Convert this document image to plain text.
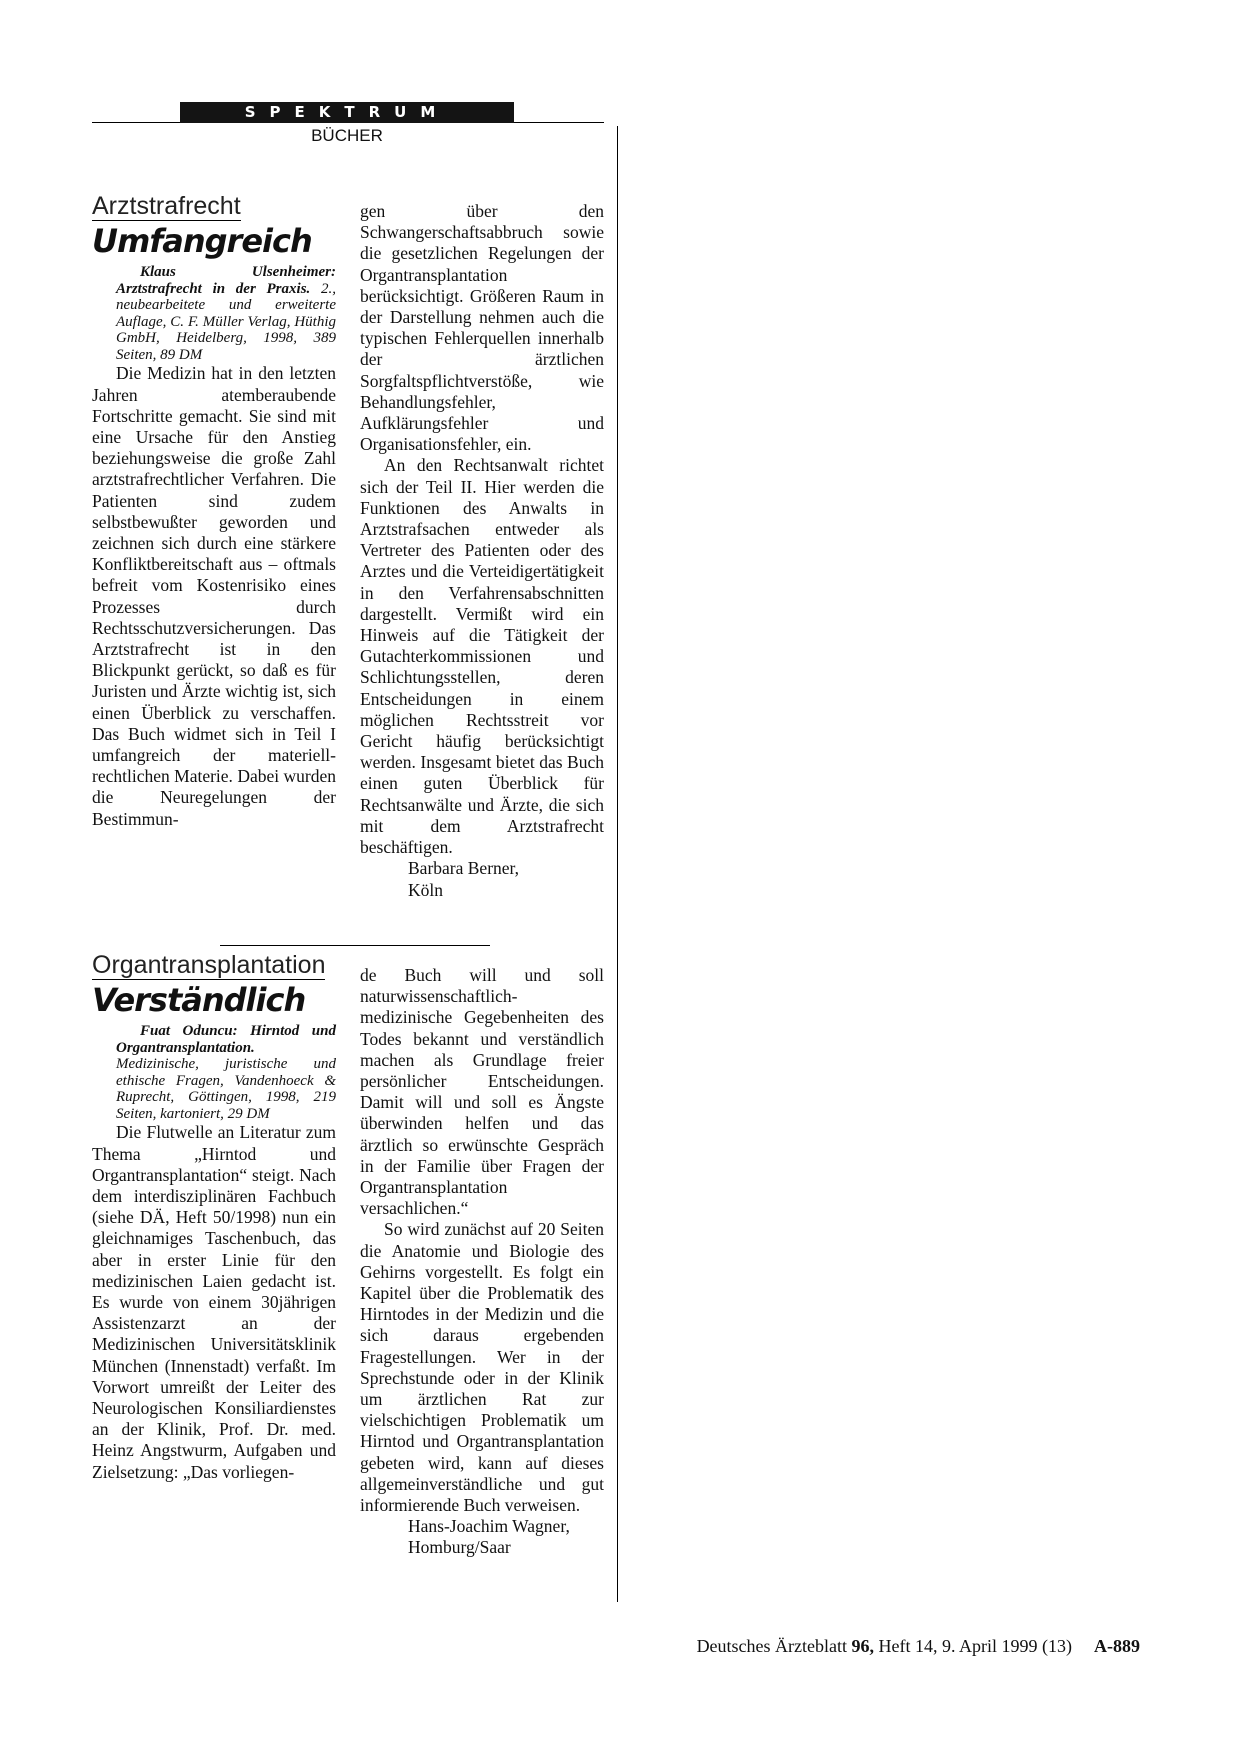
SPEKTRUM
BÜCHER
Arztstrafrecht
Umfangreich

Klaus Ulsenheimer: Arztstrafrecht in der Praxis. 2., neubearbeitete und erweiterte Auflage, C. F. Müller Verlag, Hüthig GmbH, Heidelberg, 1998, 389 Seiten, 89 DM

Die Medizin hat in den letzten Jahren atemberaubende Fortschritte gemacht. Sie sind mit eine Ursache für den Anstieg beziehungsweise die große Zahl arztstrafrechtlicher Verfahren. Die Patienten sind zudem selbstbewußter geworden und zeichnen sich durch eine stärkere Konfliktbereitschaft aus – oftmals befreit vom Kostenrisiko eines Prozesses durch Rechtsschutzversicherungen. Das Arztstrafrecht ist in den Blickpunkt gerückt, so daß es für Juristen und Ärzte wichtig ist, sich einen Überblick zu verschaffen. Das Buch widmet sich in Teil I umfangreich der materiell-rechtlichen Materie. Dabei wurden die Neuregelungen der Bestimmun-

gen über den Schwangerschaftsabbruch sowie die gesetzlichen Regelungen der Organtransplantation berücksichtigt. Größeren Raum in der Darstellung nehmen auch die typischen Fehlerquellen innerhalb der ärztlichen Sorgfaltspflichtverstöße, wie Behandlungsfehler, Aufklärungsfehler und Organisationsfehler, ein.

An den Rechtsanwalt richtet sich der Teil II. Hier werden die Funktionen des Anwalts in Arztstrafsachen entweder als Vertreter des Patienten oder des Arztes und die Verteidigertätigkeit in den Verfahrensabschnitten dargestellt. Vermißt wird ein Hinweis auf die Tätigkeit der Gutachterkommissionen und Schlichtungsstellen, deren Entscheidungen in einem möglichen Rechtsstreit vor Gericht häufig berücksichtigt werden. Insgesamt bietet das Buch einen guten Überblick für Rechtsanwälte und Ärzte, die sich mit dem Arztstrafrecht beschäftigen.

Barbara Berner,

Köln

Organtransplantation
Verständlich

Fuat Oduncu: Hirntod und Organtransplantation. Medizinische, juristische und ethische Fragen, Vandenhoeck & Ruprecht, Göttingen, 1998, 219 Seiten, kartoniert, 29 DM

Die Flutwelle an Literatur zum Thema „Hirntod und Organtransplantation“ steigt. Nach dem interdisziplinären Fachbuch (siehe DÄ, Heft 50/1998) nun ein gleichnamiges Taschenbuch, das aber in erster Linie für den medizinischen Laien gedacht ist. Es wurde von einem 30jährigen Assistenzarzt an der Medizinischen Universitätsklinik München (Innenstadt) verfaßt. Im Vorwort umreißt der Leiter des Neurologischen Konsiliardienstes an der Klinik, Prof. Dr. med. Heinz Angstwurm, Aufgaben und Zielsetzung: „Das vorliegen-

de Buch will und soll naturwissenschaftlich-medizinische Gegebenheiten des Todes bekannt und verständlich machen als Grundlage freier persönlicher Entscheidungen. Damit will und soll es Ängste überwinden helfen und das ärztlich so erwünschte Gespräch in der Familie über Fragen der Organtransplantation versachlichen.“

So wird zunächst auf 20 Seiten die Anatomie und Biologie des Gehirns vorgestellt. Es folgt ein Kapitel über die Problematik des Hirntodes in der Medizin und die sich daraus ergebenden Fragestellungen. Wer in der Sprechstunde oder in der Klinik um ärztlichen Rat zur vielschichtigen Problematik um Hirntod und Organtransplantation gebeten wird, kann auf dieses allgemeinverständliche und gut informierende Buch verweisen.

Hans-Joachim Wagner,

Homburg/Saar

Deutsches Ärzteblatt 96, Heft 14, 9. April 1999 (13) A-889
